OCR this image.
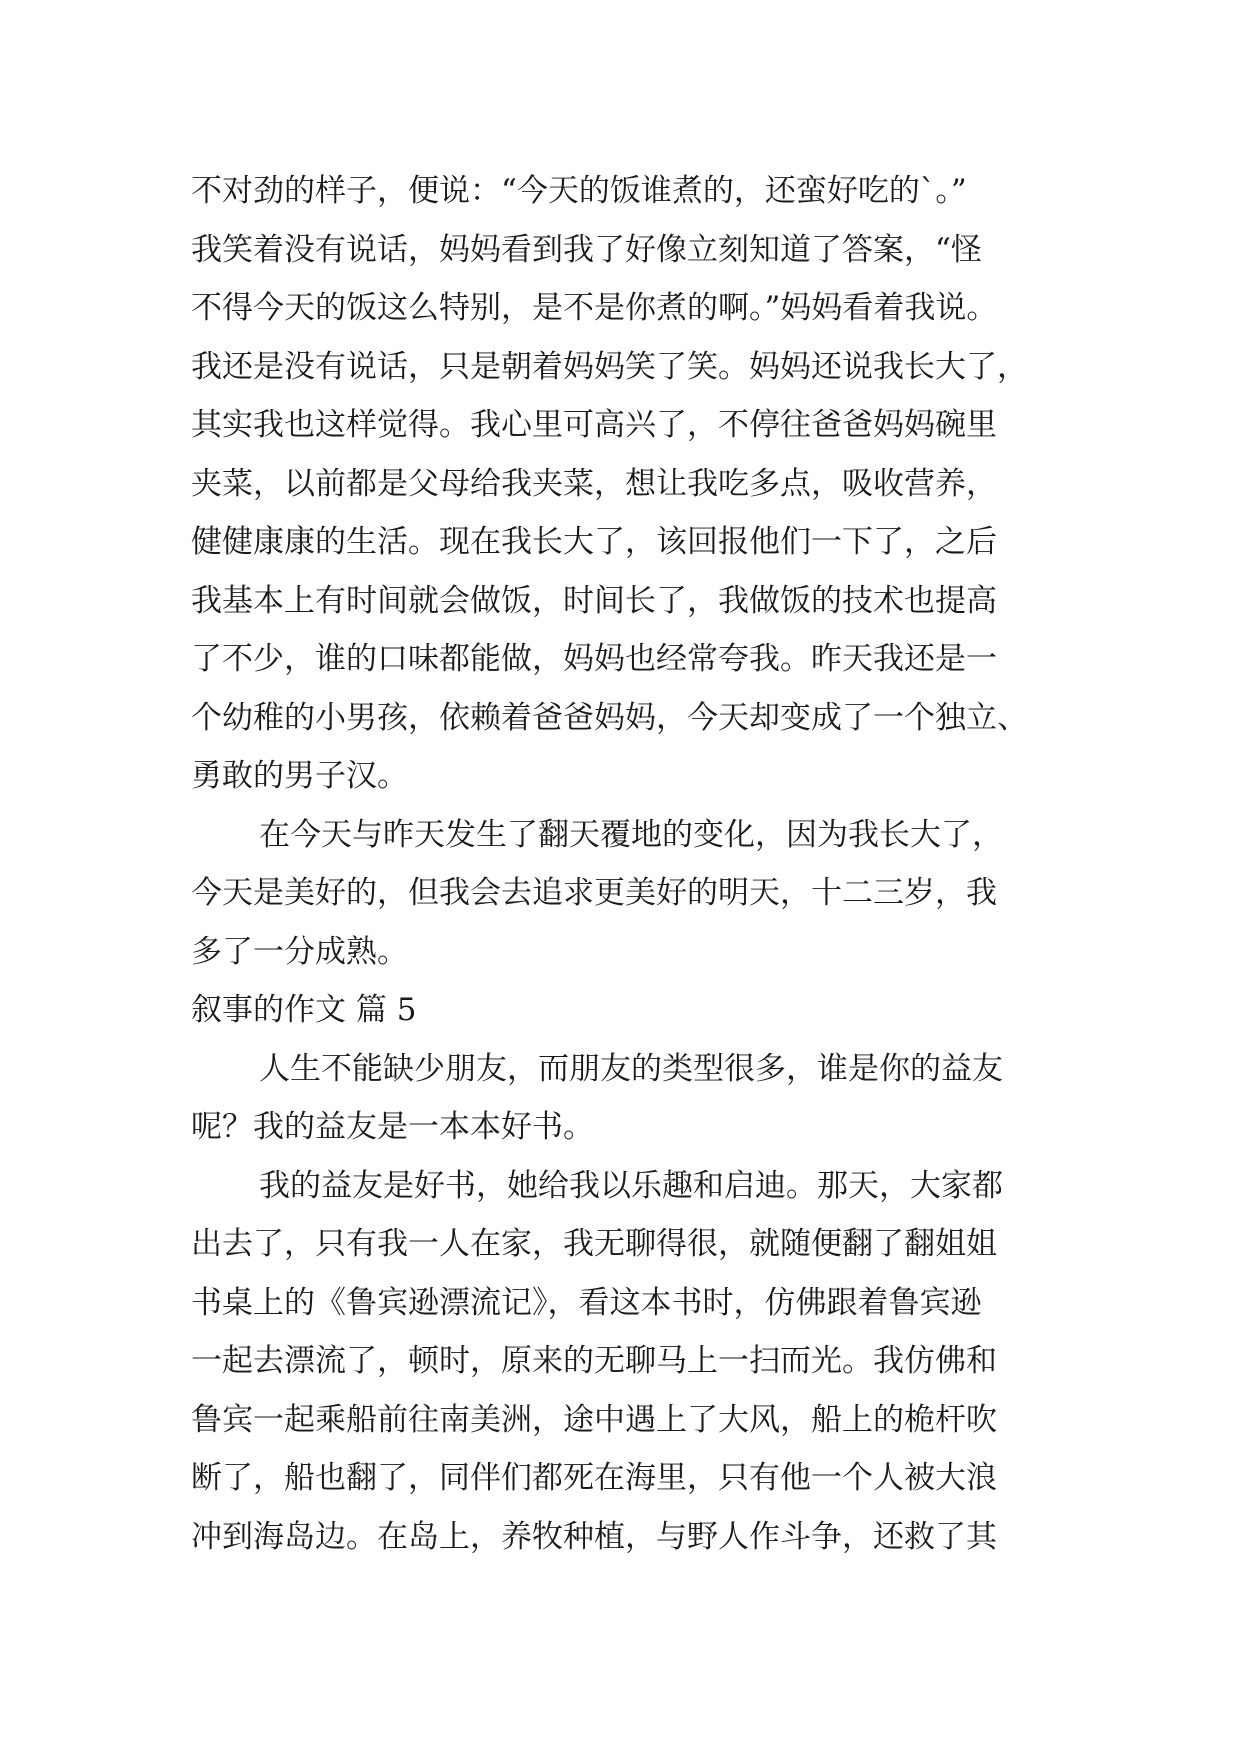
不对劲的样子，便说：“今天的饭谁煮的，还蛮好吃的`。”
我笑着没有说话，妈妈看到我了好像立刻知道了答案，“怪
不得今天的饭这么特别，是不是你煮的啊。”妈妈看着我说。
我还是没有说话，只是朝着妈妈笑了笑。妈妈还说我长大了，
其实我也这样觉得。我心里可高兴了，不停往爸爸妈妈碗里
夹菜，以前都是父母给我夹菜，想让我吃多点，吸收营养，
健健康康的生活。现在我长大了，该回报他们一下了，之后
我基本上有时间就会做饭，时间长了，我做饭的技术也提高
了不少，谁的口味都能做，妈妈也经常夸我。昨天我还是一
个幼稚的小男孩，依赖着爸爸妈妈，今天却变成了一个独立、
勇敢的男子汉。
在今天与昨天发生了翻天覆地的变化，因为我长大了，
今天是美好的，但我会去追求更美好的明天，十二三岁，我
多了一分成熟。
叙事的作文 篇 5
人生不能缺少朋友，而朋友的类型很多，谁是你的益友
呢？我的益友是一本本好书。
我的益友是好书，她给我以乐趣和启迪。那天，大家都
出去了，只有我一人在家，我无聊得很，就随便翻了翻姐姐
书桌上的《鲁宾逊漂流记》，看这本书时，仿佛跟着鲁宾逊
一起去漂流了，顿时，原来的无聊马上一扫而光。我仿佛和
鲁宾一起乘船前往南美洲，途中遇上了大风，船上的桅杆吹
断了，船也翻了，同伴们都死在海里，只有他一个人被大浪
冲到海岛边。在岛上，养牧种植，与野人作斗争，还救了其
